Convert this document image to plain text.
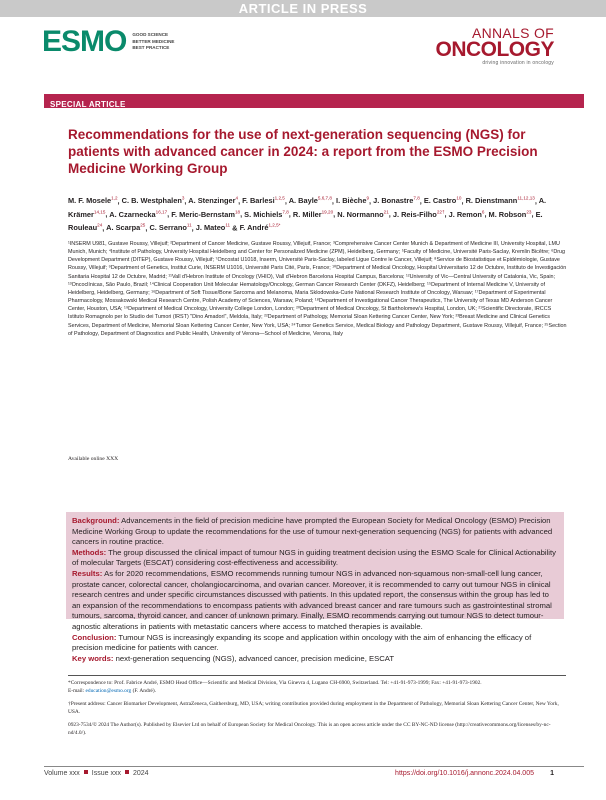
ARTICLE IN PRESS
ESMO GOOD SCIENCE
BETTER MEDICINE
BEST PRACTICE
ANNALS OF
ONCOLOGY
driving innovation in oncology
SPECIAL ARTICLE
Recommendations for the use of next-generation sequencing (NGS) for patients with advanced cancer in 2024: a report from the ESMO Precision Medicine Working Group
M. F. Mosele$^{1,2}$, C. B. Westphalen$^3$, A. Stenzinger$^4$, F. Barlesi$^{1,2,5}$, A. Bayle$^{5,6,7,8}$, I. Bièche$^9$, J. Bonastre$^{7,8}$, E. Castro$^{10}$, R. Dienstmann$^{11,12,13}$, A. Krämer$^{14,15}$, A. Czarnecka$^{16,17}$, F. Meric-Bernstam$^{18}$, S. Michiels$^{7,8}$, R. Miller$^{19,20}$, N. Normanno$^{21}$, J. Reis-Filho$^{22\dagger}$, J. Remon$^6$, M. Robson$^{23}$, E. Rouleau$^{24}$, A. Scarpa$^{25}$, C. Serrano$^{11}$, J. Mateo$^{11}$ & F. André$^{1,2,5*}$
¹INSERM U981, Gustave Roussy, Villejuif; ²Department of Cancer Medicine, Gustave Roussy, Villejuif, France; ³Comprehensive Cancer Center Munich & Department of Medicine III, University Hospital, LMU Munich, Munich; ⁴Institute of Pathology, University Hospital Heidelberg and Center for Personalized Medicine (ZPM), Heidelberg, Germany; ⁵Faculty of Medicine, Université Paris-Saclay, Kremlin Bicêtre; ⁶Drug Development Department (DITEP), Gustave Roussy, Villejuif; ⁷Oncostat U1018, Inserm, Université Paris-Saclay, labeled Ligue Contre le Cancer, Villejuif; ⁸Service de Biostatistique et Epidémiologie, Gustave Roussy, Villejuif; ⁹Department of Genetics, Institut Curie, INSERM U1016, Université Paris Cité, Paris, France; ¹⁰Department of Medical Oncology, Hospital Universitario 12 de Octubre, Instituto de Investigación Sanitaria Hospital 12 de Octubre, Madrid; ¹¹Vall d'Hebron Institute of Oncology (VHIO), Vall d'Hebron Barcelona Hospital Campus, Barcelona; ¹²University of Vic—Central University of Catalonia, Vic, Spain; ¹³Oncoclínicas, São Paulo, Brazil; ¹⁴Clinical Cooperation Unit Molecular Hematology/Oncology, German Cancer Research Center (DKFZ), Heidelberg; ¹⁵Department of Internal Medicine V, University of Heidelberg, Heidelberg, Germany; ¹⁶Department of Soft Tissue/Bone Sarcoma and Melanoma, Maria Sklodowska-Curie National Research Institute of Oncology, Warsaw; ¹⁷Department of Experimental Pharmacology, Mossakowski Medical Research Centre, Polish Academy of Sciences, Warsaw, Poland; ¹⁸Department of Investigational Cancer Therapeutics, The University of Texas MD Anderson Cancer Center, Houston, USA; ¹⁹Department of Medical Oncology, University College London, London; ²⁰Department of Medical Oncology, St Bartholomew's Hospital, London, UK; ²¹Scientific Directorate, IRCCS Istituto Romagnolo per lo Studio dei Tumori (IRST) "Dino Amadori", Meldola, Italy; ²²Department of Pathology, Memorial Sloan Kettering Cancer Center, New York; ²³Breast Medicine and Clinical Genetics Services, Department of Medicine, Memorial Sloan Kettering Cancer Center, New York, USA; ²⁴Tumor Genetics Service, Medical Biology and Pathology Department, Gustave Roussy, Villejuif, France; ²⁵Section of Pathology, Department of Diagnostics and Public Health, University of Verona—School of Medicine, Verona, Italy
Available online XXX

Background: Advancements in the field of precision medicine have prompted the European Society for Medical Oncology (ESMO) Precision Medicine Working Group to update the recommendations for the use of tumour next-generation sequencing (NGS) for patients with advanced cancers in routine practice.

Methods: The group discussed the clinical impact of tumour NGS in guiding treatment decision using the ESMO Scale for Clinical Actionability of molecular Targets (ESCAT) considering cost-effectiveness and accessibility.

Results: As for 2020 recommendations, ESMO recommends running tumour NGS in advanced non-squamous non-small-cell lung cancer, prostate cancer, colorectal cancer, cholangiocarcinoma, and ovarian cancer. Moreover, it is recommended to carry out tumour NGS in clinical research centres and under specific circumstances discussed with patients. In this updated report, the consensus within the group has led to an expansion of the recommendations to encompass patients with advanced breast cancer and rare tumours such as gastrointestinal stromal tumours, sarcoma, thyroid cancer, and cancer of unknown primary. Finally, ESMO recommends carrying out tumour NGS to detect tumour-agnostic alterations in patients with metastatic cancers where access to matched therapies is available.

Conclusion: Tumour NGS is increasingly expanding its scope and application within oncology with the aim of enhancing the efficacy of precision medicine for patients with cancer.

Key words: next-generation sequencing (NGS), advanced cancer, precision medicine, ESCAT

*Correspondence to: Prof. Fabrice André, ESMO Head Office—Scientific and Medical Division, Via Ginevra 4, Lugano CH-6900, Switzerland. Tel: +41-91-973-1999; Fax: +41-91-973-1902.
E-mail: education@esmo.org (F. André).

†Present address: Cancer Biomarker Development, AstraZeneca, Gaithersburg, MD, USA; writing contribution provided during employment in the Department of Pathology, Memorial Sloan Kettering Cancer Center, New York, USA.

0923-7534/© 2024 The Author(s). Published by Elsevier Ltd on behalf of European Society for Medical Oncology. This is an open access article under the CC BY-NC-ND license (http://creativecommons.org/licenses/by-nc-nd/4.0/).

Volume xxx Issue xxx 2024	https://doi.org/10.1016/j.annonc.2024.04.005 1
